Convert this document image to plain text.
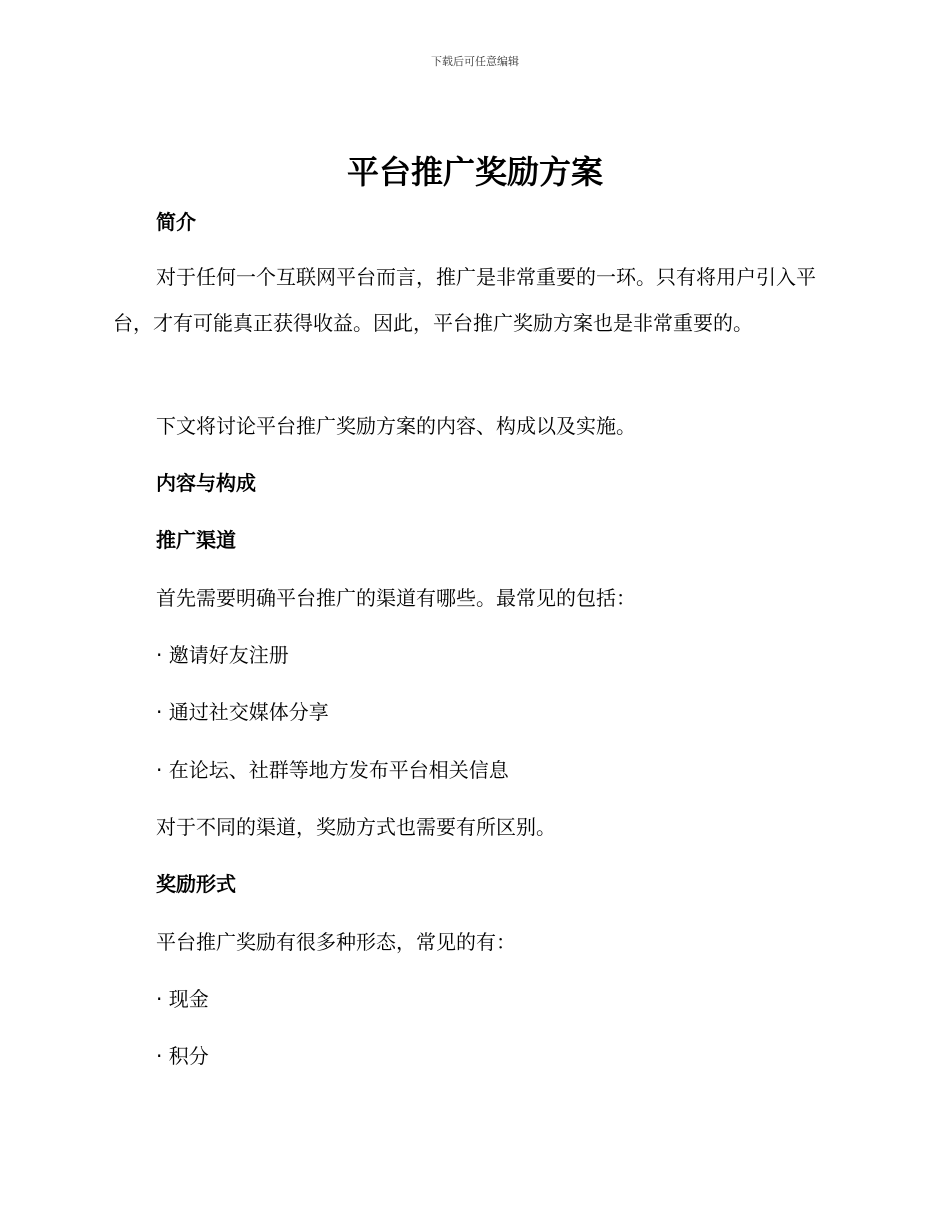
下载后可任意编辑
平台推广奖励方案
简介
对于任何一个互联网平台而言，推广是非常重要的一环。只有将用户引入平台，才有可能真正获得收益。因此，平台推广奖励方案也是非常重要的。
下文将讨论平台推广奖励方案的内容、构成以及实施。
内容与构成
推广渠道
首先需要明确平台推广的渠道有哪些。最常见的包括：
· 邀请好友注册
· 通过社交媒体分享
· 在论坛、社群等地方发布平台相关信息
对于不同的渠道，奖励方式也需要有所区别。
奖励形式
平台推广奖励有很多种形态，常见的有：
· 现金
· 积分
